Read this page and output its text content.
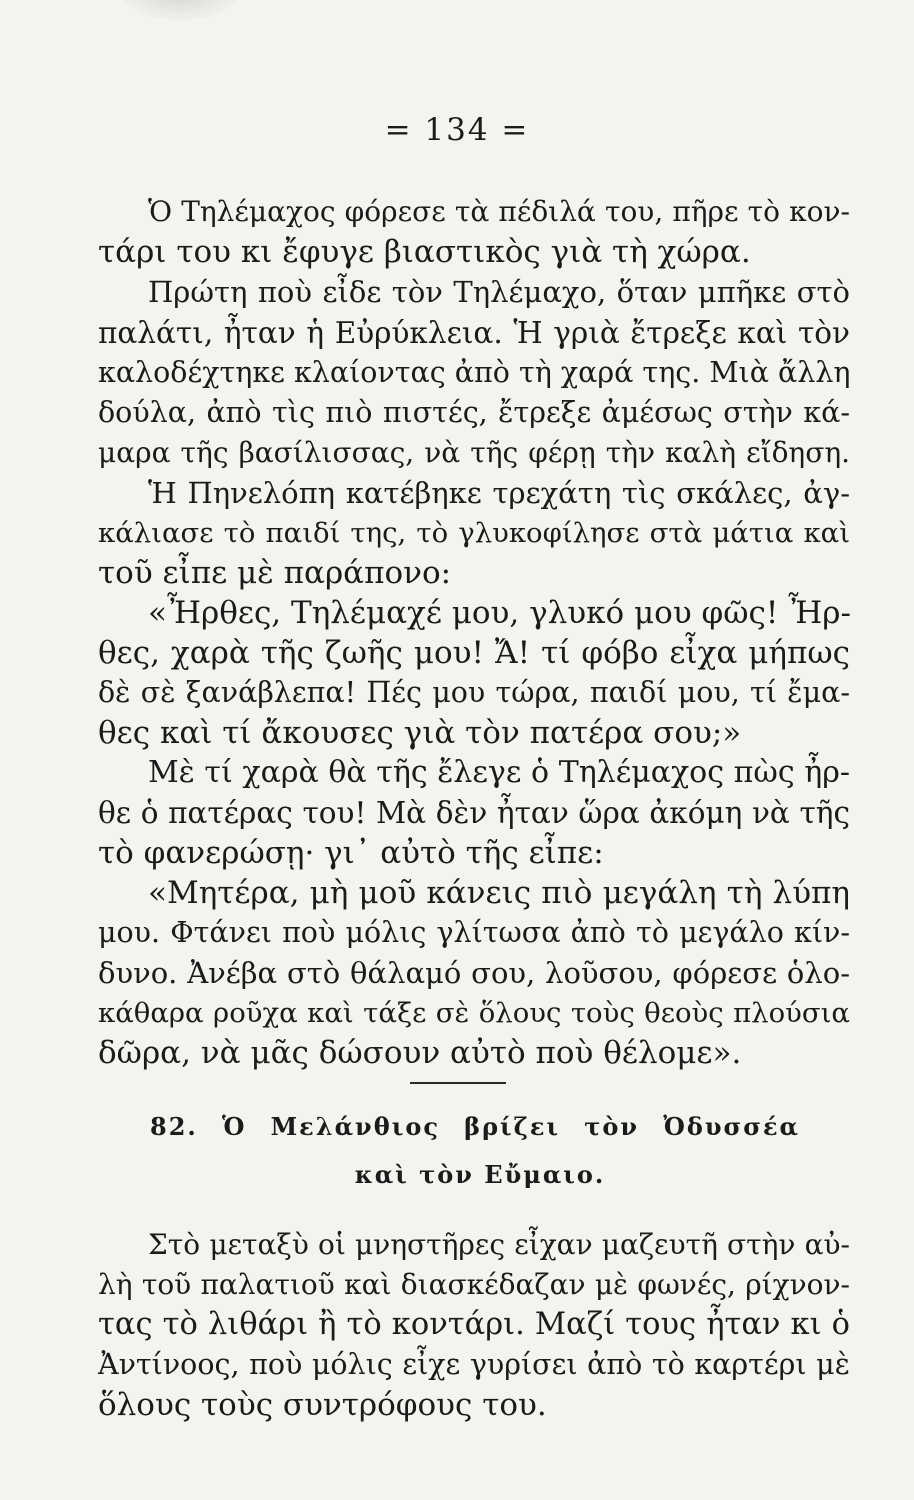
= 134 =
Ὁ Τηλέμαχος φόρεσε τὰ πέδιλά του, πῆρε τὸ κον-
τάρι του κι ἔφυγε βιαστικὸς γιὰ τὴ χώρα.
Πρώτη ποὺ εἶδε τὸν Τηλέμαχο, ὅταν μπῆκε στὸ
παλάτι, ἦταν ἡ Εὐρύκλεια. Ἡ γριὰ ἔτρεξε καὶ τὸν
καλοδέχτηκε κλαίοντας ἀπὸ τὴ χαρά της. Μιὰ ἄλλη
δούλα, ἀπὸ τὶς πιὸ πιστές, ἔτρεξε ἀμέσως στὴν κά-
μαρα τῆς βασίλισσας, νὰ τῆς φέρῃ τὴν καλὴ εἴδηση.
Ἡ Πηνελόπη κατέβηκε τρεχάτη τὶς σκάλες, ἀγ-
κάλιασε τὸ παιδί της, τὸ γλυκοφίλησε στὰ μάτια καὶ
τοῦ εἶπε μὲ παράπονο:
«Ἦρθες, Τηλέμαχέ μου, γλυκό μου φῶς! Ἦρ-
θες, χαρὰ τῆς ζωῆς μου! Ἄ! τί φόβο εἶχα μήπως
δὲ σὲ ξανάβλεπα! Πές μου τώρα, παιδί μου, τί ἔμα-
θες καὶ τί ἄκουσες γιὰ τὸν πατέρα σου;»
Μὲ τί χαρὰ θὰ τῆς ἔλεγε ὁ Τηλέμαχος πὼς ἦρ-
θε ὁ πατέρας του! Μὰ δὲν ἦταν ὥρα ἀκόμη νὰ τῆς
τὸ φανερώσῃ· γι᾽ αὐτὸ τῆς εἶπε:
«Μητέρα, μὴ μοῦ κάνεις πιὸ μεγάλη τὴ λύπη
μου. Φτάνει ποὺ μόλις γλίτωσα ἀπὸ τὸ μεγάλο κίν-
δυνο. Ἀνέβα στὸ θάλαμό σου, λοῦσου, φόρεσε ὁλο-
κάθαρα ροῦχα καὶ τάξε σὲ ὅλους τοὺς θεοὺς πλούσια
δῶρα, νὰ μᾶς δώσουν αὐτὸ ποὺ θέλομε».
82. Ὁ Μελάνθιος βρίζει τὸν Ὀδυσσέα
καὶ τὸν Εὔμαιο.
Στὸ μεταξὺ οἱ μνηστῆρες εἶχαν μαζευτῆ στὴν αὐ-
λὴ τοῦ παλατιοῦ καὶ διασκέδαζαν μὲ φωνές, ρίχνον-
τας τὸ λιθάρι ἢ τὸ κοντάρι. Μαζί τους ἦταν κι ὁ
Ἀντίνοος, ποὺ μόλις εἶχε γυρίσει ἀπὸ τὸ καρτέρι μὲ
ὅλους τοὺς συντρόφους του.
